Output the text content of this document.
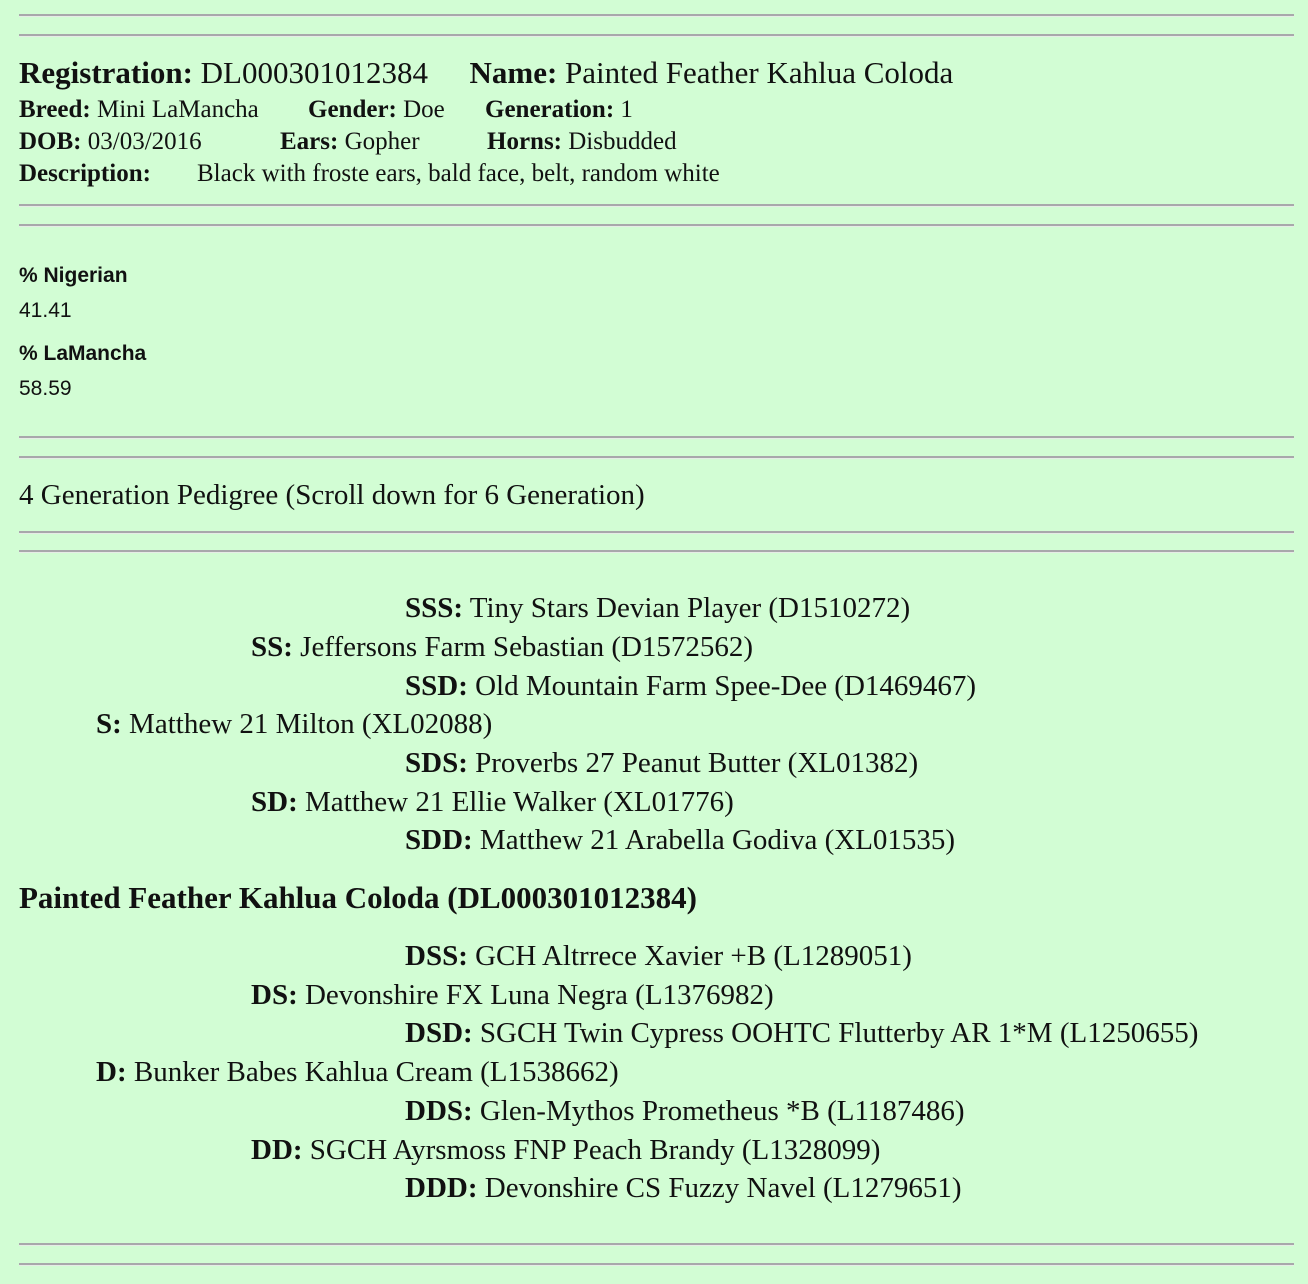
Registration: DL000301012384 Name: Painted Feather Kahlua Coloda
Breed: Mini LaMancha Gender: Doe Generation: 1
DOB: 03/03/2016	Ears: Gopher	Horns: Disbudded
Description: Black with froste ears, bald face, belt, random white
% Nigerian
41.41
% LaMancha
58.59
4 Generation Pedigree (Scroll down for 6 Generation)
SSS: Tiny Stars Devian Player (D1510272)
SS: Jeffersons Farm Sebastian (D1572562)
SSD: Old Mountain Farm Spee-Dee (D1469467)
S: Matthew 21 Milton (XL02088)
SDS: Proverbs 27 Peanut Butter (XL01382)
SD: Matthew 21 Ellie Walker (XL01776)
SDD: Matthew 21 Arabella Godiva (XL01535)
Painted Feather Kahlua Coloda (DL000301012384)
DSS: GCH Altrrece Xavier +B (L1289051)
DS: Devonshire FX Luna Negra (L1376982)
DSD: SGCH Twin Cypress OOHTC Flutterby AR 1*M (L1250655)
D: Bunker Babes Kahlua Cream (L1538662)
DDS: Glen-Mythos Prometheus *B (L1187486)
DD: SGCH Ayrsmoss FNP Peach Brandy (L1328099)
DDD: Devonshire CS Fuzzy Navel (L1279651)
